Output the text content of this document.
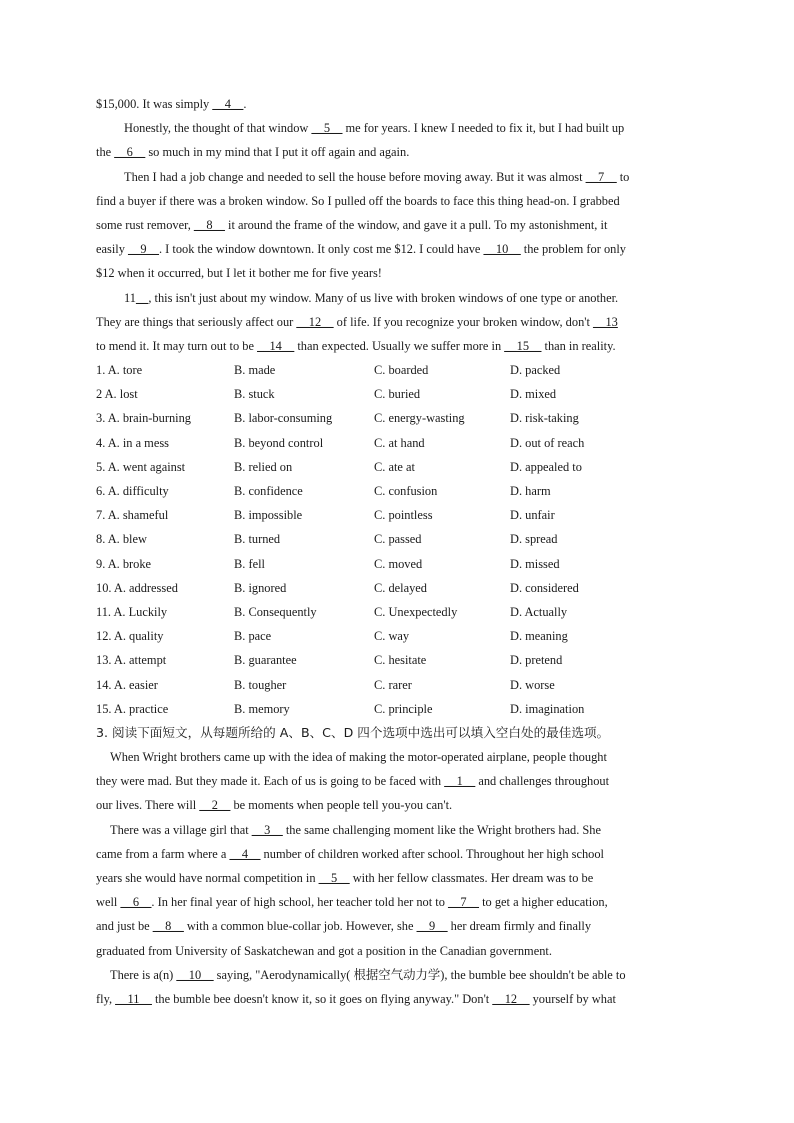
$15,000. It was simply __4__.
Honestly, the thought of that window __5__ me for years. I knew I needed to fix it, but I had built up
the __6__ so much in my mind that I put it off again and again.
Then I had a job change and needed to sell the house before moving away. But it was almost __7__ to
find a buyer if there was a broken window. So I pulled off the boards to face this thing head-on. I grabbed
some rust remover, __8__ it around the frame of the window, and gave it a pull. To my astonishment, it
easily __9__. I took the window downtown. It only cost me $12. I could have __10__ the problem for only
$12 when it occurred, but I let it bother me for five years!
11__, this isn't just about my window. Many of us live with broken windows of one type or another.
They are things that seriously affect our __12__ of life. If you recognize your broken window, don't __13
to mend it. It may turn out to be __14__ than expected. Usually we suffer more in __15__ than in reality.
1. A. tore	B. made	C. boarded	D. packed
2 A. lost	B. stuck	C. buried	D. mixed
3. A. brain-burning	B. labor-consuming	C. energy-wasting	D. risk-taking
4. A. in a mess	B. beyond control	C. at hand	D. out of reach
5. A. went against	B. relied on	C. ate at	D. appealed to
6. A. difficulty	B. confidence	C. confusion	D. harm
7. A. shameful	B. impossible	C. pointless	D. unfair
8. A. blew	B. turned	C. passed	D. spread
9. A. broke	B. fell	C. moved	D. missed
10. A. addressed	B. ignored	C. delayed	D. considered
11. A. Luckily	B. Consequently	C. Unexpectedly	D. Actually
12. A. quality	B. pace	C. way	D. meaning
13. A. attempt	B. guarantee	C. hesitate	D. pretend
14. A. easier	B. tougher	C. rarer	D. worse
15. A. practice	B. memory	C. principle	D. imagination
3. 阅读下面短文，从每题所给的 A、B、C、D 四个选项中选出可以填入空白处的最佳选项。
When Wright brothers came up with the idea of making the motor-operated airplane, people thought
they were mad. But they made it. Each of us is going to be faced with __1__ and challenges throughout
our lives. There will __2__ be moments when people tell you-you can't.
There was a village girl that __3__ the same challenging moment like the Wright brothers had. She
came from a farm where a __4__ number of children worked after school. Throughout her high school
years she would have normal competition in __5__ with her fellow classmates. Her dream was to be
well __6__. In her final year of high school, her teacher told her not to __7__ to get a higher education,
and just be __8__ with a common blue-collar job. However, she __9__ her dream firmly and finally
graduated from University of Saskatchewan and got a position in the Canadian government.
There is a(n) __10__ saying, "Aerodynamically( 根据空气动力学), the bumble bee shouldn't be able to
fly, __11__ the bumble bee doesn't know it, so it goes on flying anyway." Don't __12__ yourself by what
